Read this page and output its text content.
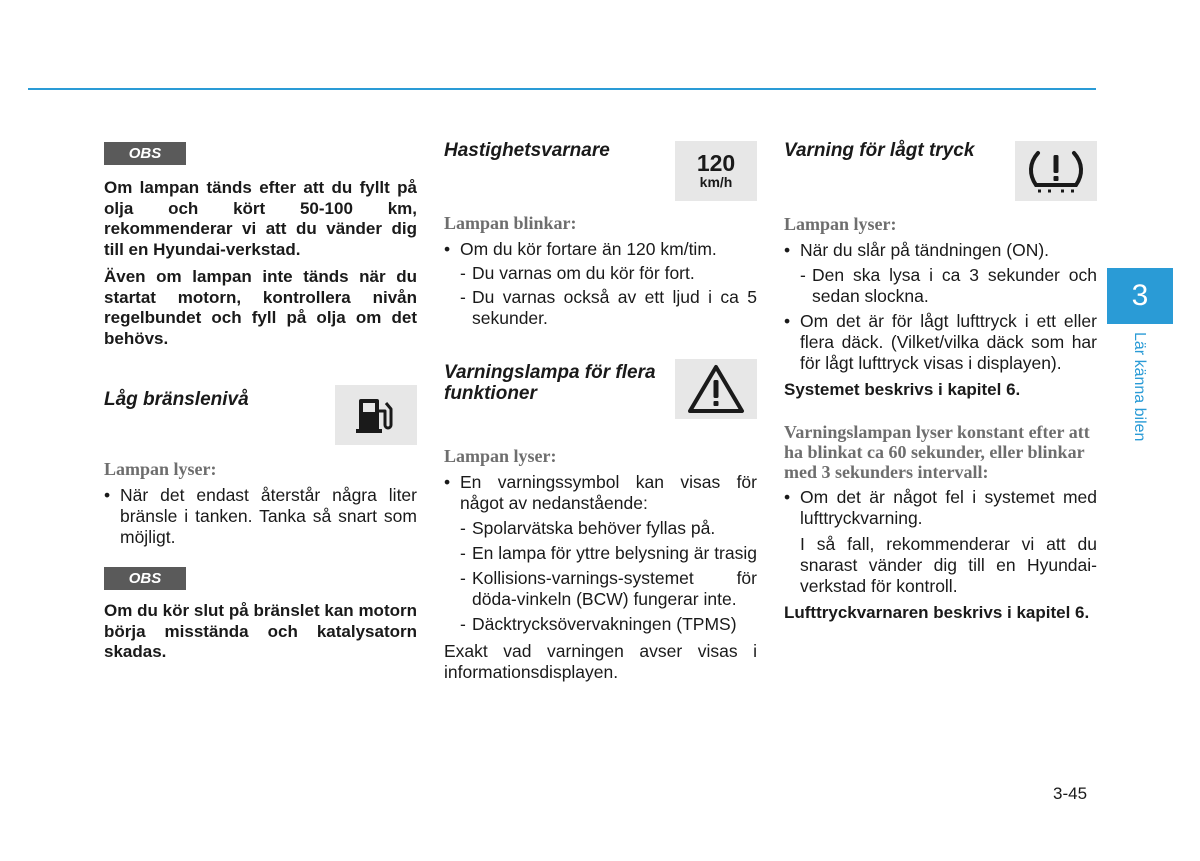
OBS

Om lampan tänds efter att du fyllt på olja och kört 50-100 km, rekommenderar vi att du vänder dig till en Hyundai-verkstad.

Även om lampan inte tänds när du startat motorn, kontrollera nivån regelbundet och fyll på olja om det behövs.

Låg bränslenivå

Lampan lyser:

• När det endast återstår några liter bränsle i tanken. Tanka så snart som möjligt.

OBS

Om du kör slut på bränslet kan motorn börja misstända och katalysatorn skadas.

Hastighetsvarnare	120
km/h

Lampan blinkar:

• Om du kör fortare än 120 km/tim.

- Du varnas om du kör för fort.

- Du varnas också av ett ljud i ca 5 sekunder.

Varningslampa för flera funktioner

Lampan lyser:

• En varningssymbol kan visas för något av nedanstående:

- Spolarvätska behöver fyllas på.

- En lampa för yttre belysning är trasig

- Kollisions-varnings-systemet för döda-vinkeln (BCW) fungerar inte.

- Däcktrycksövervakningen (TPMS)

Exakt vad varningen avser visas i informationsdisplayen.

Varning för lågt tryck

Lampan lyser:

• När du slår på tändningen (ON).

- Den ska lysa i ca 3 sekunder och sedan slockna.

• Om det är för lågt lufttryck i ett eller flera däck. (Vilket/vilka däck som har för lågt lufttryck visas i displayen).

Systemet beskrivs i kapitel 6.

Varningslampan lyser konstant efter att ha blinkat ca 60 sekunder, eller blinkar med 3 sekunders intervall:

• Om det är något fel i systemet med lufttryckvarning.

I så fall, rekommenderar vi att du snarast vänder dig till en Hyundai-verkstad för kontroll.

Lufttryckvarnaren beskrivs i kapitel 6.

3
Lär känna bilen
3-45
